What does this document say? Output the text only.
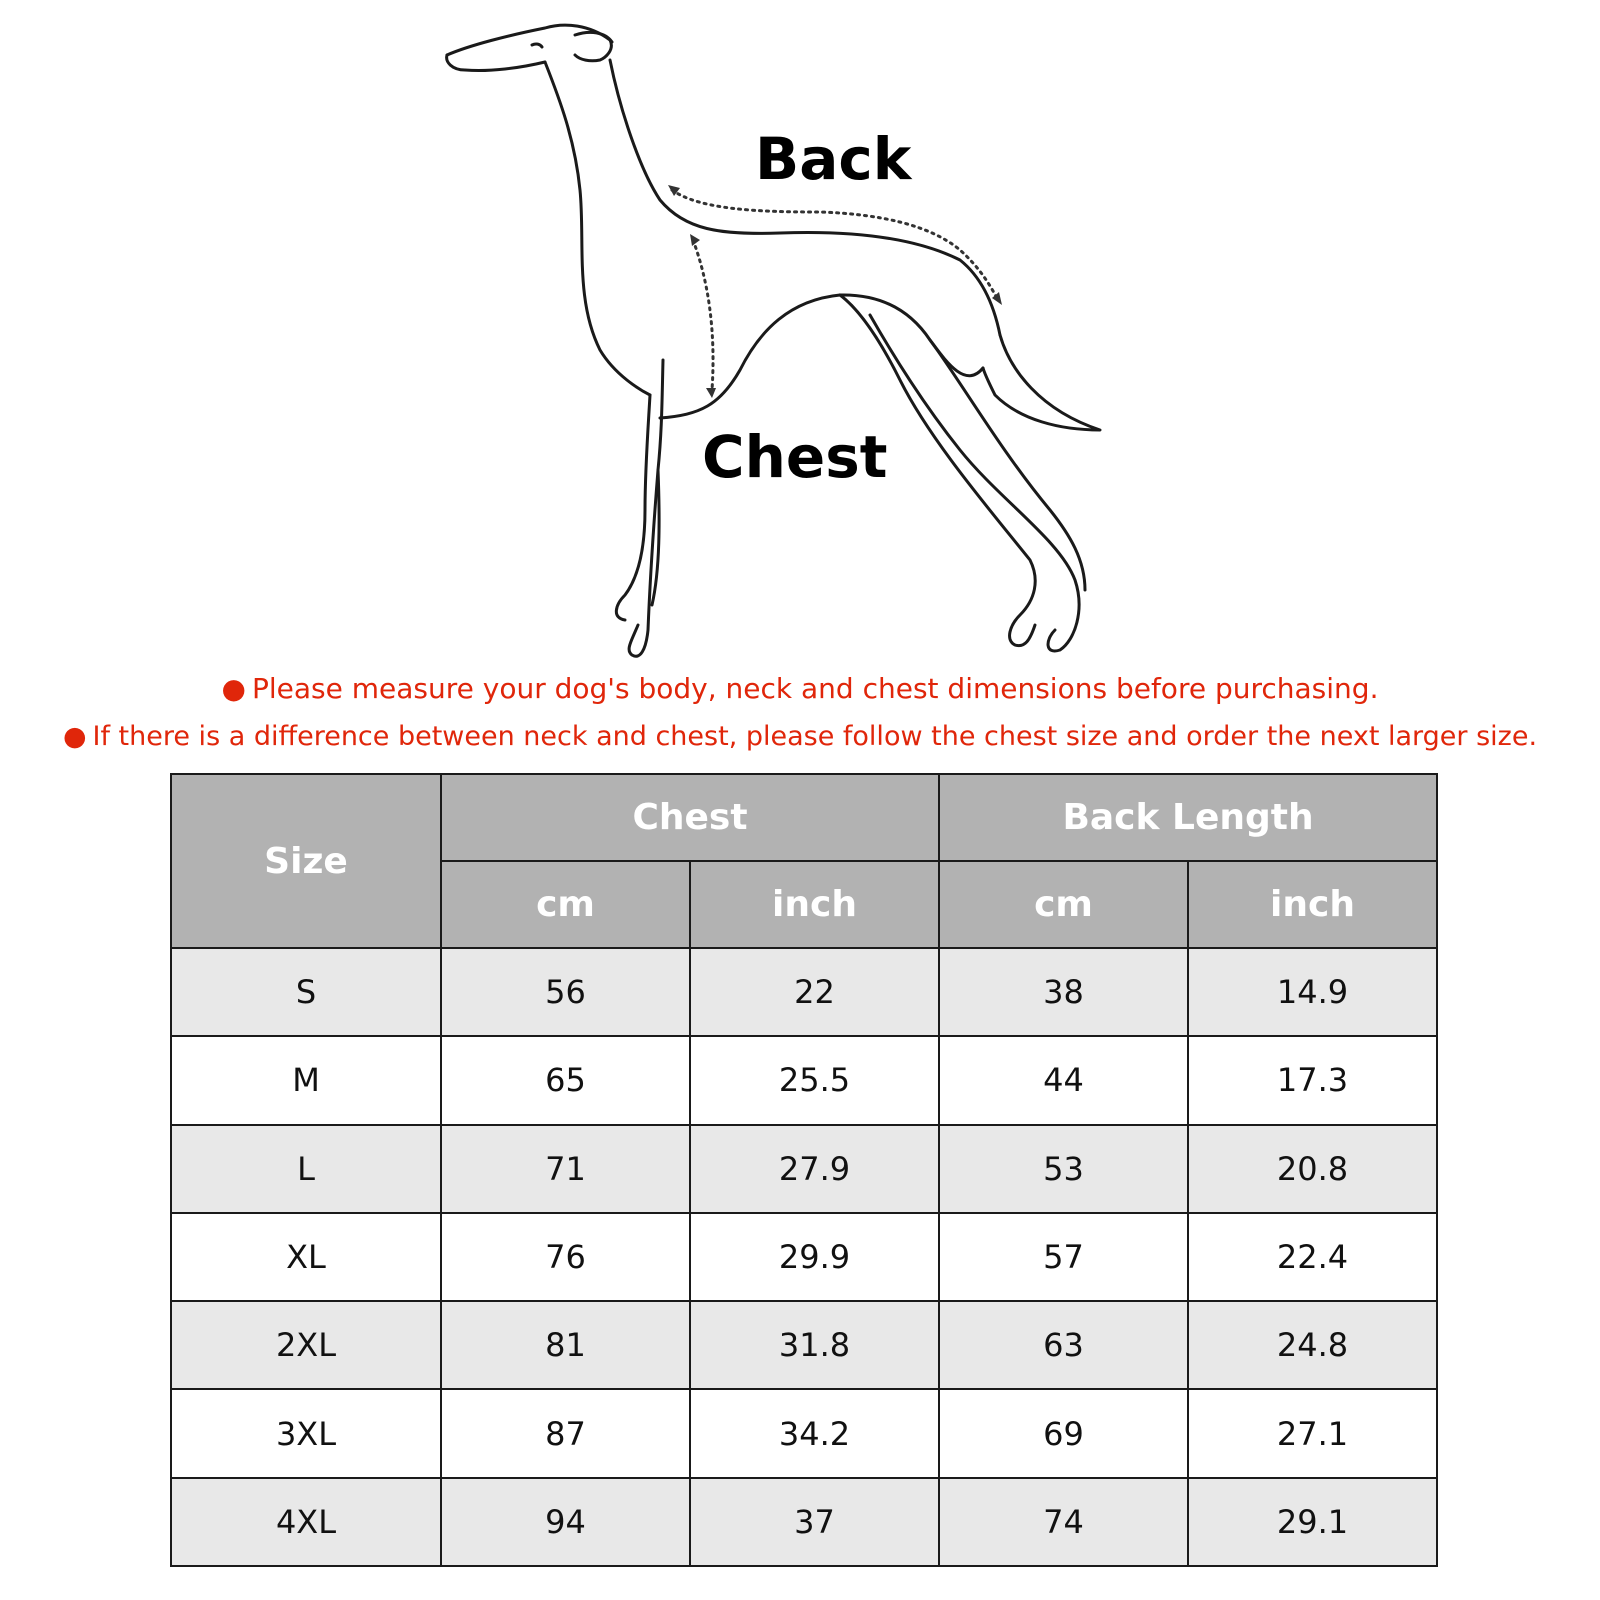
Back
Chest
● Please measure your dog's body, neck and chest dimensions before purchasing.
● If there is a difference between neck and chest, please follow the chest size and order the next larger size.
Size	Chest		Back Length	
	cm	inch	cm	inch
S	56	22	38	14.9
M	65	25.5	44	17.3
L	71	27.9	53	20.8
XL	76	29.9	57	22.4
2XL	81	31.8	63	24.8
3XL	87	34.2	69	27.1
4XL	94	37	74	29.1
